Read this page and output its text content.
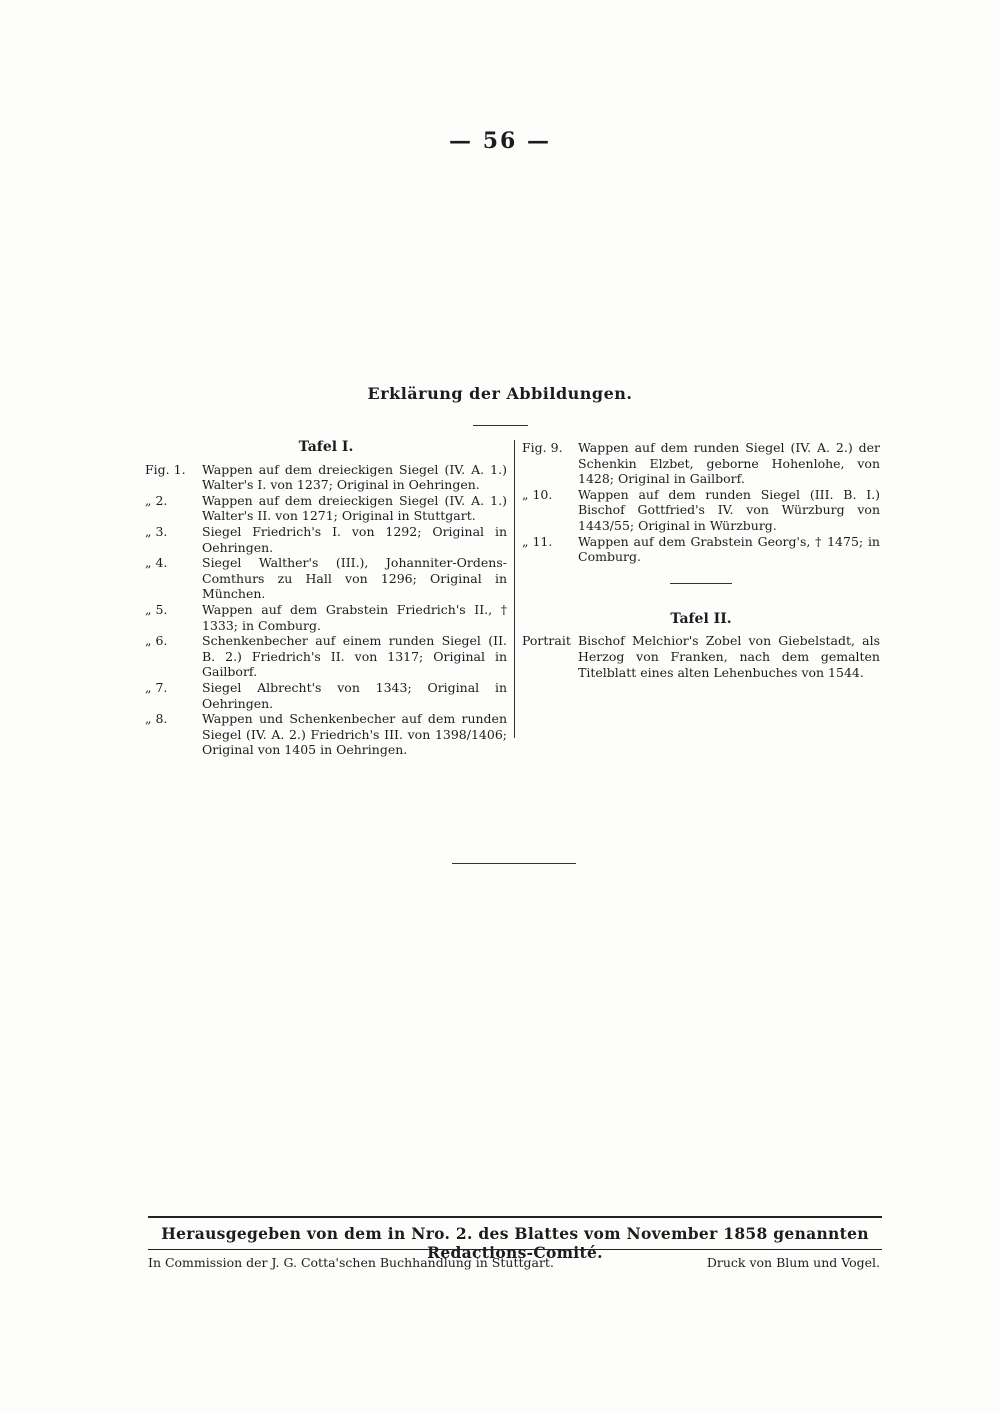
— 56 —
Erklärung der Abbildungen.
Tafel I.
Fig. 1.	Wappen auf dem dreieckigen Siegel (IV. A. 1.) Walter's I. von 1237; Original in Oehringen.
„ 2.	Wappen auf dem dreieckigen Siegel (IV. A. 1.) Walter's II. von 1271; Original in Stuttgart.
„ 3.	Siegel Friedrich's I. von 1292; Original in Oehringen.
„ 4.	Siegel Walther's (III.), Johanniter-Ordens-Comthurs zu Hall von 1296; Original in München.
„ 5.	Wappen auf dem Grabstein Friedrich's II., † 1333; in Comburg.
„ 6.	Schenkenbecher auf einem runden Siegel (II. B. 2.) Friedrich's II. von 1317; Original in Gailborf.
„ 7.	Siegel Albrecht's von 1343; Original in Oehringen.
„ 8.	Wappen und Schenkenbecher auf dem runden Siegel (IV. A. 2.) Friedrich's III. von 1398/1406; Original von 1405 in Oehringen.
Fig. 9.	Wappen auf dem runden Siegel (IV. A. 2.) der Schenkin Elzbet, geborne Hohenlohe, von 1428; Original in Gailborf.
„ 10.	Wappen auf dem runden Siegel (III. B. I.) Bischof Gottfried's IV. von Würzburg von 1443/55; Original in Würzburg.
„ 11.	Wappen auf dem Grabstein Georg's, † 1475; in Comburg.
Tafel II.
Portrait Bischof Melchior's Zobel von Giebelstadt, als Herzog von Franken, nach dem gemalten Titelblatt eines alten Lehenbuches von 1544.
Herausgegeben von dem in Nro. 2. des Blattes vom November 1858 genannten Redactions-Comité.
In Commission der J. G. Cotta'schen Buchhandlung in Stuttgart.	Druck von Blum und Vogel.
